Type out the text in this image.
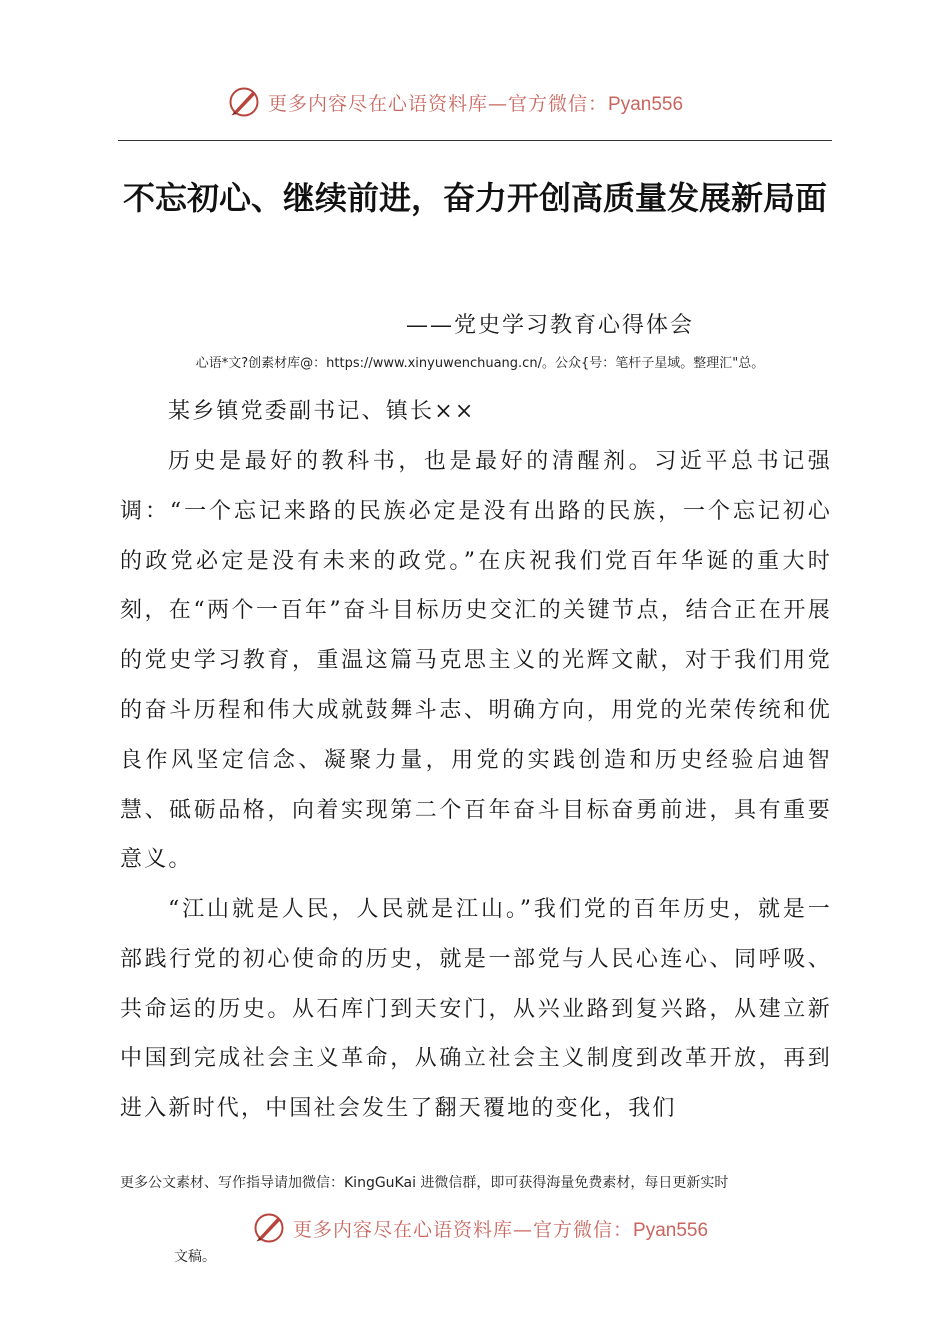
更多内容尽在心语资料库—官方微信：Pyan556
不忘初心、继续前进，奋力开创高质量发展新局面
——党史学习教育心得体会
心语*文?创素材库@：https://www.xinyuwenchuang.cn/。公众{号：笔杆子星域。整理汇"总。
某乡镇党委副书记、镇长××

历史是最好的教科书，也是最好的清醒剂。习近平总书记强调：“一个忘记来路的民族必定是没有出路的民族，一个忘记初心的政党必定是没有未来的政党。”在庆祝我们党百年华诞的重大时刻，在“两个一百年”奋斗目标历史交汇的关键节点，结合正在开展的党史学习教育，重温这篇马克思主义的光辉文献，对于我们用党的奋斗历程和伟大成就鼓舞斗志、明确方向，用党的光荣传统和优良作风坚定信念、凝聚力量，用党的实践创造和历史经验启迪智慧、砥砺品格，向着实现第二个百年奋斗目标奋勇前进，具有重要意义。

“江山就是人民，人民就是江山。”我们党的百年历史，就是一部践行党的初心使命的历史，就是一部党与人民心连心、同呼吸、共命运的历史。从石库门到天安门，从兴业路到复兴路，从建立新中国到完成社会主义革命，从确立社会主义制度到改革开放，再到进入新时代，中国社会发生了翻天覆地的变化，我们

更多公文素材、写作指导请加微信：KingGuKai 进微信群，即可获得海量免费素材，每日更新实时
更多内容尽在心语资料库—官方微信：Pyan556
文稿。
